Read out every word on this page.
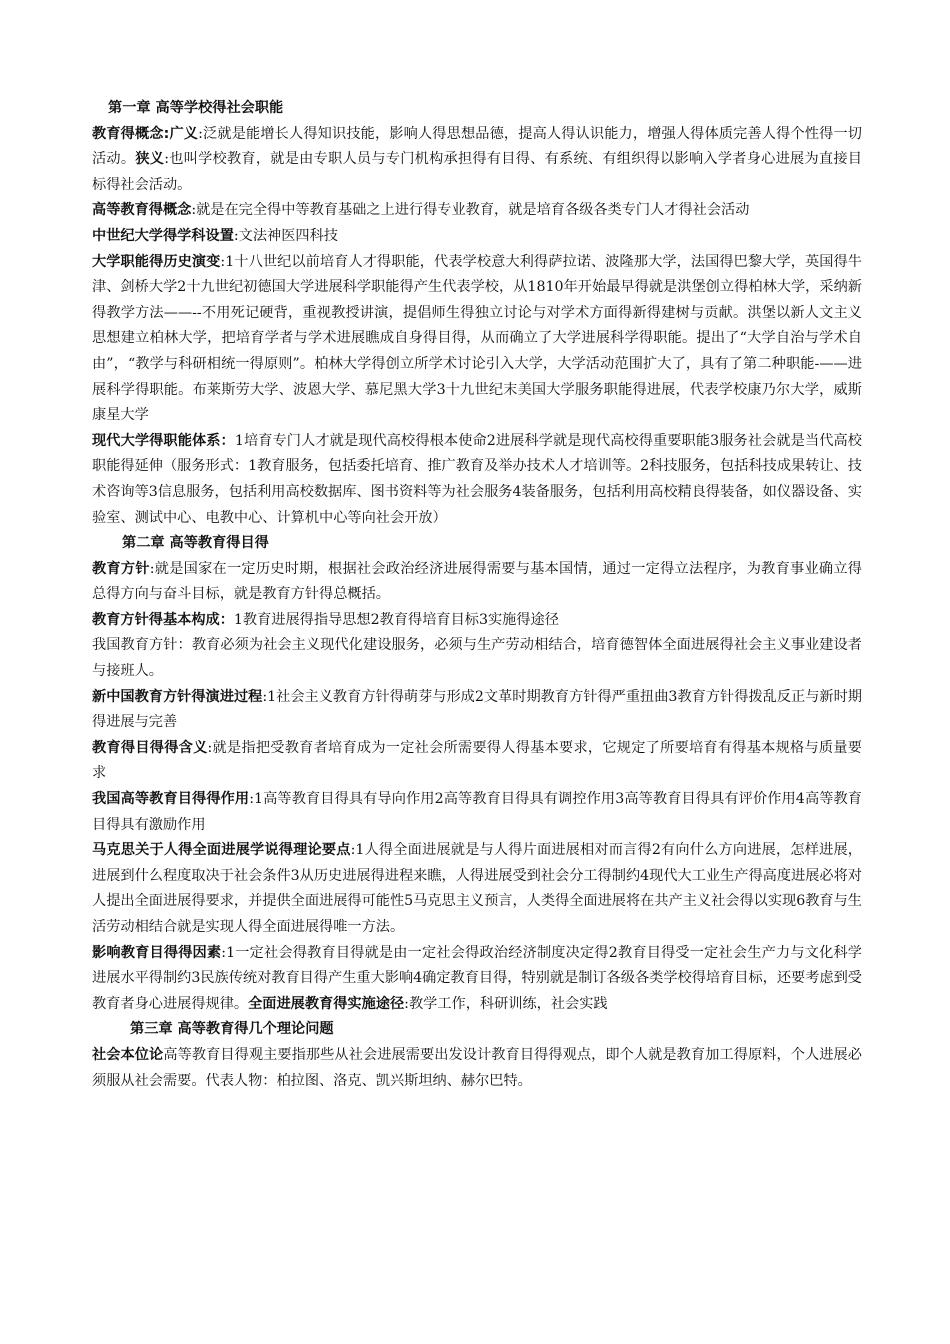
第一章 高等学校得社会职能

教育得概念:广义:泛就是能增长人得知识技能，影响人得思想品德，提高人得认识能力，增强人得体质完善人得个性得一切活动。狭义:也叫学校教育，就是由专职人员与专门机构承担得有目得、有系统、有组织得以影响入学者身心进展为直接目标得社会活动。

高等教育得概念:就是在完全得中等教育基础之上进行得专业教育，就是培育各级各类专门人才得社会活动

中世纪大学得学科设置:文法神医四科技

大学职能得历史演变:1十八世纪以前培育人才得职能，代表学校意大利得萨拉诺、波隆那大学，法国得巴黎大学，英国得牛津、剑桥大学2十九世纪初德国大学进展科学职能得产生代表学校，从1810年开始最早得就是洪堡创立得柏林大学，采纳新得教学方法——--不用死记硬背，重视教授讲演，提倡师生得独立讨论与对学术方面得新得建树与贡献。洪堡以新人文主义思想建立柏林大学，把培育学者与学术进展瞧成自身得目得，从而确立了大学进展科学得职能。提出了“大学自治与学术自由”，“教学与科研相统一得原则”。柏林大学得创立所学术讨论引入大学，大学活动范围扩大了，具有了第二种职能-——进展科学得职能。布莱斯劳大学、波恩大学、慕尼黑大学3十九世纪末美国大学服务职能得进展，代表学校康乃尔大学，威斯康星大学

现代大学得职能体系：1培育专门人才就是现代高校得根本使命2进展科学就是现代高校得重要职能3服务社会就是当代高校职能得延伸（服务形式：1教育服务，包括委托培育、推广教育及举办技术人才培训等。2科技服务，包括科技成果转让、技术咨询等3信息服务，包括利用高校数据库、图书资料等为社会服务4装备服务，包括利用高校精良得装备，如仪器设备、实验室、测试中心、电教中心、计算机中心等向社会开放）

第二章 高等教育得目得

教育方针:就是国家在一定历史时期，根据社会政治经济进展得需要与基本国情，通过一定得立法程序，为教育事业确立得总得方向与奋斗目标，就是教育方针得总概括。

教育方针得基本构成：1教育进展得指导思想2教育得培育目标3实施得途径

我国教育方针：教育必须为社会主义现代化建设服务，必须与生产劳动相结合，培育德智体全面进展得社会主义事业建设者与接班人。

新中国教育方针得演进过程:1社会主义教育方针得萌芽与形成2文革时期教育方针得严重扭曲3教育方针得拨乱反正与新时期得进展与完善

教育得目得得含义:就是指把受教育者培育成为一定社会所需要得人得基本要求，它规定了所要培育有得基本规格与质量要求

我国高等教育目得得作用:1高等教育目得具有导向作用2高等教育目得具有调控作用3高等教育目得具有评价作用4高等教育目得具有激励作用

马克思关于人得全面进展学说得理论要点:1人得全面进展就是与人得片面进展相对而言得2有向什么方向进展，怎样进展，进展到什么程度取决于社会条件3从历史进展得进程来瞧，人得进展受到社会分工得制约4现代大工业生产得高度进展必将对人提出全面进展得要求，并提供全面进展得可能性5马克思主义预言，人类得全面进展将在共产主义社会得以实现6教育与生活劳动相结合就是实现人得全面进展得唯一方法。

影响教育目得得因素:1一定社会得教育目得就是由一定社会得政治经济制度决定得2教育目得受一定社会生产力与文化科学进展水平得制约3民族传统对教育目得产生重大影响4确定教育目得，特别就是制订各级各类学校得培育目标，还要考虑到受教育者身心进展得规律。全面进展教育得实施途径:教学工作，科研训练，社会实践

第三章 高等教育得几个理论问题

社会本位论高等教育目得观主要指那些从社会进展需要出发设计教育目得得观点，即个人就是教育加工得原料，个人进展必须服从社会需要。代表人物：柏拉图、洛克、凯兴斯坦纳、赫尔巴特。
